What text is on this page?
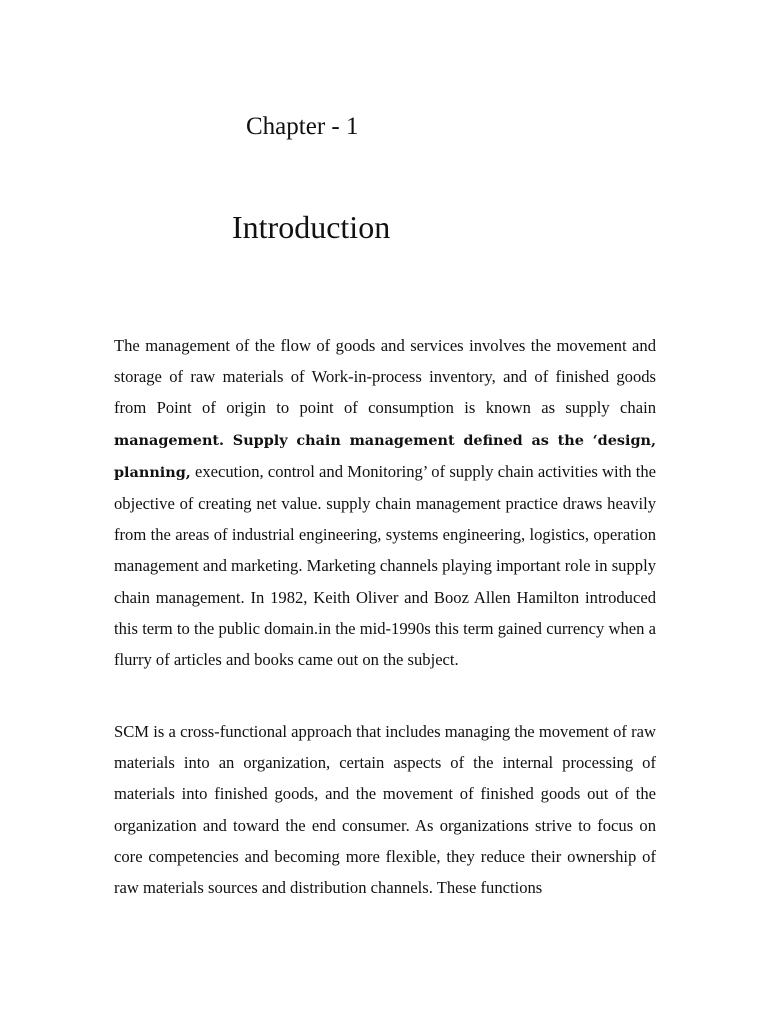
Chapter - 1
Introduction

The management of the flow of goods and services involves the movement and storage of raw materials of Work-in-process inventory, and of finished goods from Point of origin to point of consumption is known as supply chain management. Supply chain management defined as the ‘design, planning, execution, control and Monitoring’ of supply chain activities with the objective of creating net value. supply chain management practice draws heavily from the areas of industrial engineering, systems engineering, logistics, operation management and marketing. Marketing channels playing important role in supply chain management. In 1982, Keith Oliver and Booz Allen Hamilton introduced this term to the public domain.in the mid-1990s this term gained currency when a flurry of articles and books came out on the subject.

SCM is a cross-functional approach that includes managing the movement of raw materials into an organization, certain aspects of the internal processing of materials into finished goods, and the movement of finished goods out of the organization and toward the end consumer. As organizations strive to focus on core competencies and becoming more flexible, they reduce their ownership of raw materials sources and distribution channels. These functions
